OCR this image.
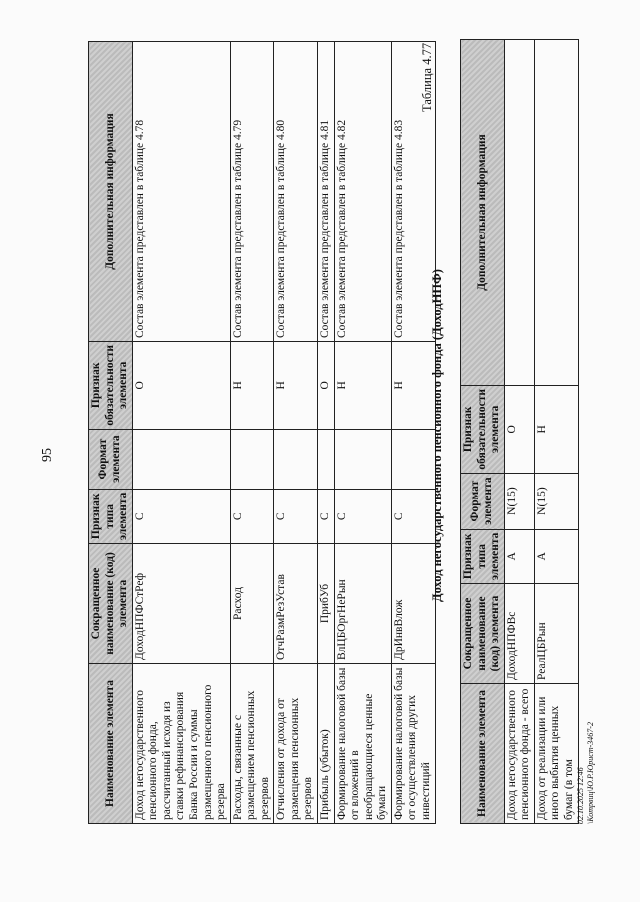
95
Наименование элемента	Сокращенное наименование (код) элемента	Признак типа элемента	Формат элемента	Признак обязательности элемента	Дополнительная информация
Доход негосударственного пенсионного фонда, рассчитанный исходя из ставки рефинансирования Банка России и суммы размещенного пенсионного резерва	ДоходНПФСтРеф	С		О	Состав элемента представлен в таблице 4.78
Расходы, связанные с размещением пенсионных резервов	Расход	С		Н	Состав элемента представлен в таблице 4.79
Отчисления от дохода от размещения пенсионных резервов	ОтчРазмРезУстав	С		Н	Состав элемента представлен в таблице 4.80
Прибыль (убыток)	ПрибУб	С		О	Состав элемента представлен в таблице 4.81
Формирование налоговой базы от вложений в необращающиеся ценные бумаги	ВлЦБОргНеРын	С		Н	Состав элемента представлен в таблице 4.82
Формирование налоговой базы от осуществления других инвестиций	ДрИнвВлож	С		Н	Состав элемента представлен в таблице 4.83
Таблица 4.77
Доход негосударственного пенсионного фонда (ДоходНПФ)
Наименование элемента	Сокращенное наименование (код) элемента	Признак типа элемента	Формат элемента	Признак обязательности элемента	Дополнительная информация
Доход негосударственного пенсионного фонда - всего	ДоходНПФВс	А	N(15)	О	
Доход от реализации или иного выбытия ценных бумаг (в том	РеалЦБРын	А	N(15)	Н	
02.10.2025 12:46 \Котрвиц\Ю.Р.Юрист-3467-2
